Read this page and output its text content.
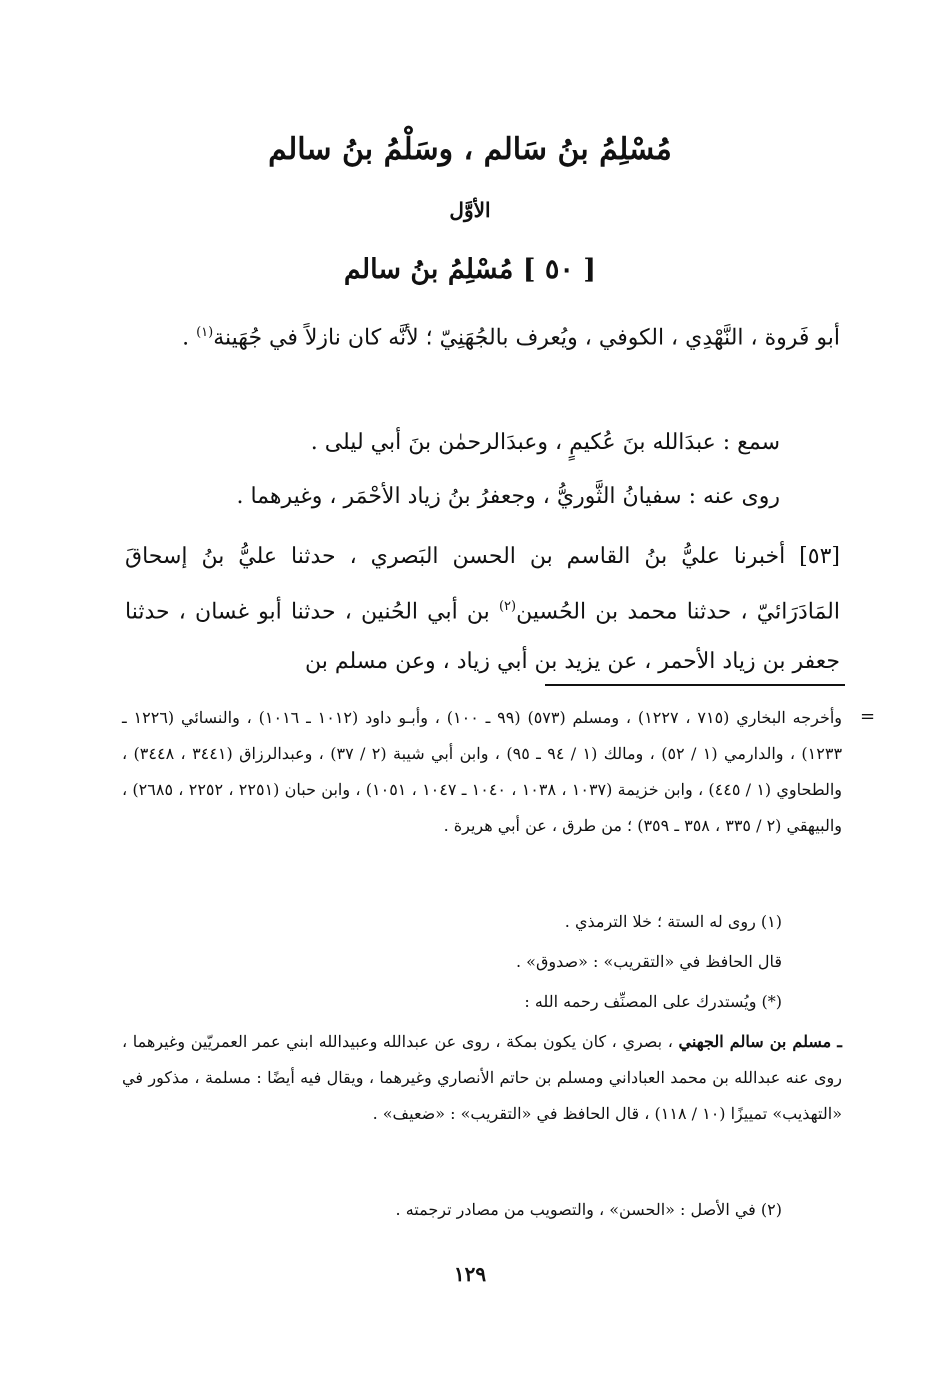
مُسْلِمُ بنُ سَالم ، وسَلْمُ بنُ سالم
الأوَّل
[ ٥٠ ] مُسْلِمُ بنُ سالم
أبو فَروة ، النَّهْدِي ، الكوفي ، ويُعرف بالجُهَنِيّ ؛ لأنَّه كان نازلاً في جُهَينة$^{(١)}$ .
سمع : عبدَالله بنَ عُكيمٍ ، وعبدَالرحمٰن بنَ أبي ليلى .
روى عنه : سفيانُ الثَّوريُّ ، وجعفرُ بنُ زياد الأحْمَر ، وغيرهما .
[٥٣] أخبرنا عليُّ بنُ القاسم بن الحسن البَصري ، حدثنا عليُّ بنُ إسحاقَ المَادَرَائيّ ، حدثنا محمد بن الحُسين$^{(٢)}$ بن أبي الحُنين ، حدثنا أبو غسان ، حدثنا جعفر بن زياد الأحمر ، عن يزيد بن أبي زياد ، وعن مسلم بن
=
وأخرجه البخاري (٧١٥ ، ١٢٢٧) ، ومسلم (٥٧٣) (٩٩ ـ ١٠٠) ، وأبـو داود (١٠١٢ ـ ١٠١٦) ، والنسائي (١٢٢٦ ـ ١٢٣٣) ، والدارمي (١ / ٥٢) ، ومالك (١ / ٩٤ ـ ٩٥) ، وابن أبي شيبة (٢ / ٣٧) ، وعبدالرزاق (٣٤٤١ ، ٣٤٤٨) ، والطحاوي (١ / ٤٤٥) ، وابن خزيمة (١٠٣٧ ، ١٠٣٨ ، ١٠٤٠ ـ ١٠٤٧ ، ١٠٥١) ، وابن حبان (٢٢٥١ ، ٢٢٥٢ ، ٢٦٨٥) ، والبيهقي (٢ / ٣٣٥ ، ٣٥٨ ـ ٣٥٩) ؛ من طرق ، عن أبي هريرة .
(١) روى له الستة ؛ خلا الترمذي .
قال الحافظ في «التقريب» : «صدوق» .
(*) ويُستدرك على المصنِّف رحمه الله :
ـ مسلم بن سالم الجهني ، بصري ، كان يكون بمكة ، روى عن عبدالله وعبيدالله ابني عمر العمريّين وغيرهما ، روى عنه عبدالله بن محمد العباداني ومسلم بن حاتم الأنصاري وغيرهما ، ويقال فيه أيضًا : مسلمة ، مذكور في «التهذيب» تمييزًا (١٠ / ١١٨) ، قال الحافظ في «التقريب» : «ضعيف» .
(٢) في الأصل : «الحسن» ، والتصويب من مصادر ترجمته .
١٢٩
